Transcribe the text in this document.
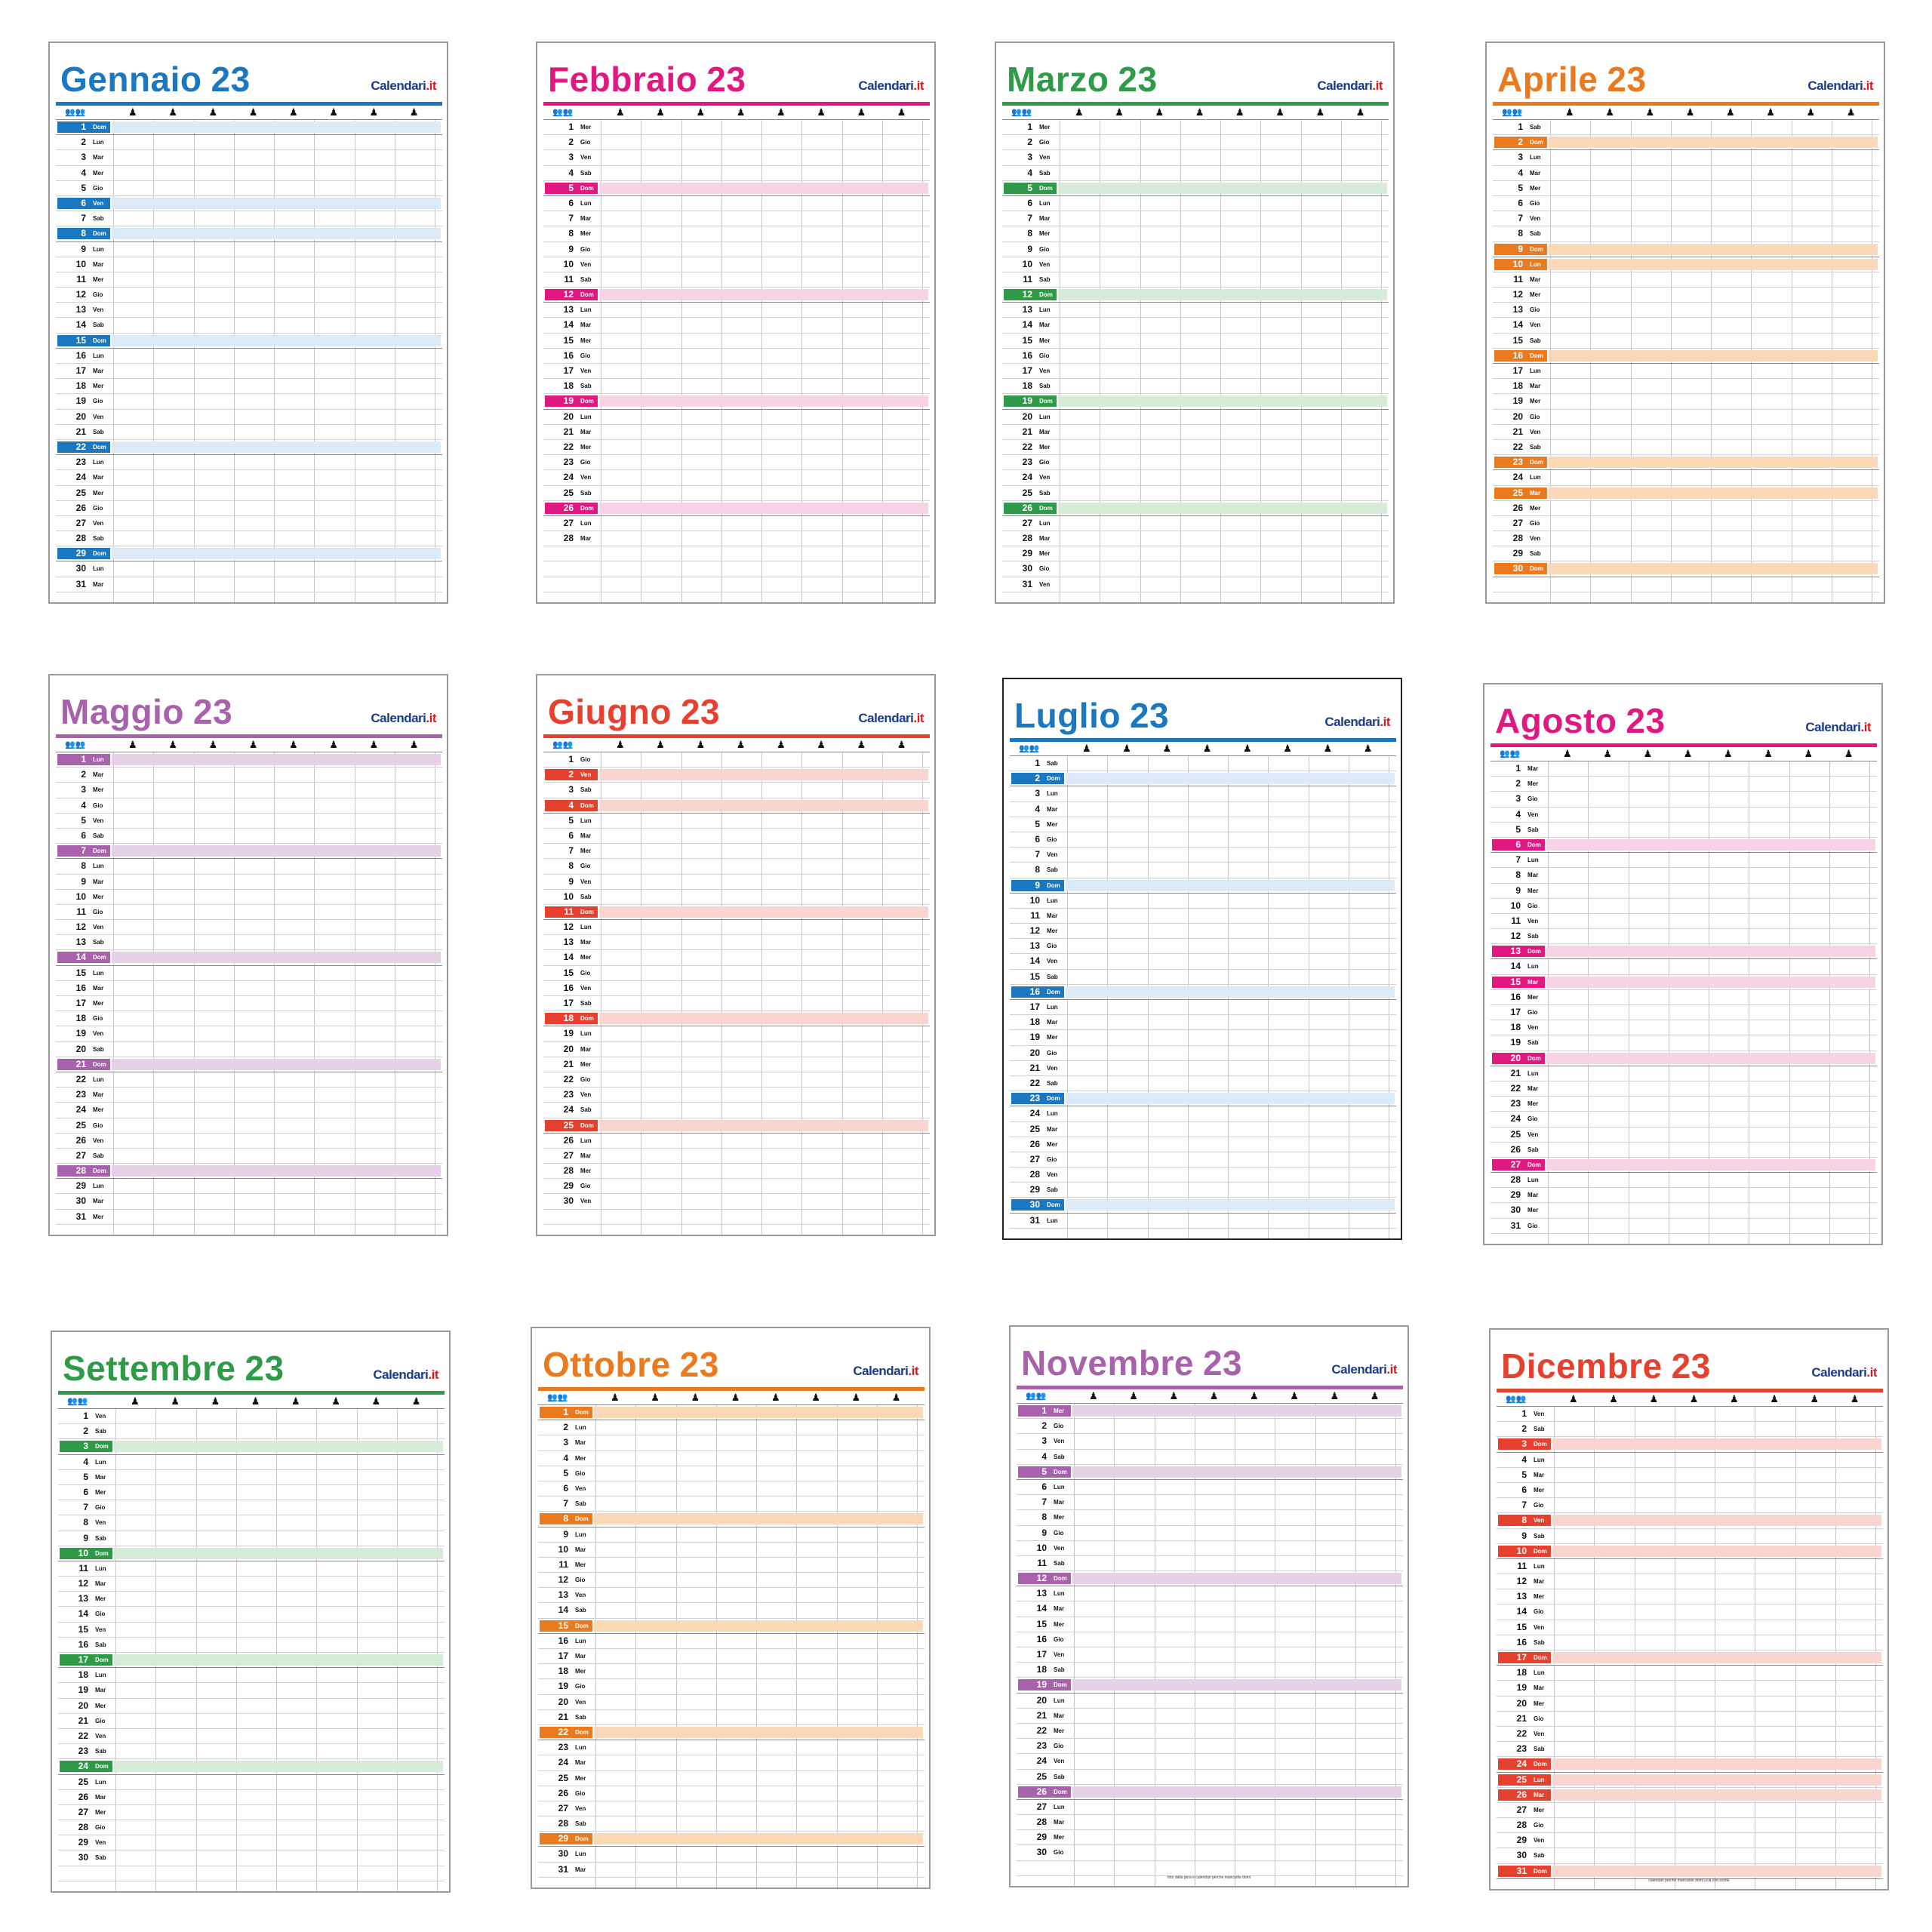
Gennaio 23	Calendari.it
👥👥	♟	♟	♟	♟	♟	♟	♟	♟
1 Dom
2 Lun
3 Mar
4 Mer
5 Gio
6 Ven
7 Sab
8 Dom
9 Lun
10 Mar
11 Mer
12 Gio
13 Ven
14 Sab
15 Dom
16 Lun
17 Mar
18 Mer
19 Gio
20 Ven
21 Sab
22 Dom
23 Lun
24 Mar
25 Mer
26 Gio
27 Ven
28 Sab
29 Dom
30 Lun
31 Mar
Febbraio 23	Calendari.it
👥👥	♟	♟	♟	♟	♟	♟	♟	♟
1 Mer
2 Gio
3 Ven
4 Sab
5 Dom
6 Lun
7 Mar
8 Mer
9 Gio
10 Ven
11 Sab
12 Dom
13 Lun
14 Mar
15 Mer
16 Gio
17 Ven
18 Sab
19 Dom
20 Lun
21 Mar
22 Mer
23 Gio
24 Ven
25 Sab
26 Dom
27 Lun
28 Mar
Marzo 23	Calendari.it
👥👥	♟	♟	♟	♟	♟	♟	♟	♟
1 Mer
2 Gio
3 Ven
4 Sab
5 Dom
6 Lun
7 Mar
8 Mer
9 Gio
10 Ven
11 Sab
12 Dom
13 Lun
14 Mar
15 Mer
16 Gio
17 Ven
18 Sab
19 Dom
20 Lun
21 Mar
22 Mer
23 Gio
24 Ven
25 Sab
26 Dom
27 Lun
28 Mar
29 Mer
30 Gio
31 Ven
Aprile 23	Calendari.it
👥👥	♟	♟	♟	♟	♟	♟	♟	♟
1 Sab
2 Dom
3 Lun
4 Mar
5 Mer
6 Gio
7 Ven
8 Sab
9 Dom
10 Lun
11 Mar
12 Mer
13 Gio
14 Ven
15 Sab
16 Dom
17 Lun
18 Mar
19 Mer
20 Gio
21 Ven
22 Sab
23 Dom
24 Lun
25 Mar
26 Mer
27 Gio
28 Ven
29 Sab
30 Dom
Maggio 23	Calendari.it
👥👥	♟	♟	♟	♟	♟	♟	♟	♟
1 Lun
2 Mar
3 Mer
4 Gio
5 Ven
6 Sab
7 Dom
8 Lun
9 Mar
10 Mer
11 Gio
12 Ven
13 Sab
14 Dom
15 Lun
16 Mar
17 Mer
18 Gio
19 Ven
20 Sab
21 Dom
22 Lun
23 Mar
24 Mer
25 Gio
26 Ven
27 Sab
28 Dom
29 Lun
30 Mar
31 Mer
Giugno 23	Calendari.it
👥👥	♟	♟	♟	♟	♟	♟	♟	♟
1 Gio
2 Ven
3 Sab
4 Dom
5 Lun
6 Mar
7 Mer
8 Gio
9 Ven
10 Sab
11 Dom
12 Lun
13 Mar
14 Mer
15 Gio
16 Ven
17 Sab
18 Dom
19 Lun
20 Mar
21 Mer
22 Gio
23 Ven
24 Sab
25 Dom
26 Lun
27 Mar
28 Mer
29 Gio
30 Ven
Luglio 23	Calendari.it
👥👥	♟	♟	♟	♟	♟	♟	♟	♟
1 Sab
2 Dom
3 Lun
4 Mar
5 Mer
6 Gio
7 Ven
8 Sab
9 Dom
10 Lun
11 Mar
12 Mer
13 Gio
14 Ven
15 Sab
16 Dom
17 Lun
18 Mar
19 Mer
20 Gio
21 Ven
22 Sab
23 Dom
24 Lun
25 Mar
26 Mer
27 Gio
28 Ven
29 Sab
30 Dom
31 Lun
Agosto 23	Calendari.it
👥👥	♟	♟	♟	♟	♟	♟	♟	♟
1 Mar
2 Mer
3 Gio
4 Ven
5 Sab
6 Dom
7 Lun
8 Mar
9 Mer
10 Gio
11 Ven
12 Sab
13 Dom
14 Lun
15 Mar
16 Mer
17 Gio
18 Ven
19 Sab
20 Dom
21 Lun
22 Mar
23 Mer
24 Gio
25 Ven
26 Sab
27 Dom
28 Lun
29 Mar
30 Mer
31 Gio
Settembre 23	Calendari.it
👥👥	♟	♟	♟	♟	♟	♟	♟	♟
1 Ven
2 Sab
3 Dom
4 Lun
5 Mar
6 Mer
7 Gio
8 Ven
9 Sab
10 Dom
11 Lun
12 Mar
13 Mer
14 Gio
15 Ven
16 Sab
17 Dom
18 Lun
19 Mar
20 Mer
21 Gio
22 Ven
23 Sab
24 Dom
25 Lun
26 Mar
27 Mer
28 Gio
29 Ven
30 Sab
Ottobre 23	Calendari.it
👥👥	♟	♟	♟	♟	♟	♟	♟	♟
1 Dom
2 Lun
3 Mar
4 Mer
5 Gio
6 Ven
7 Sab
8 Dom
9 Lun
10 Mar
11 Mer
12 Gio
13 Ven
14 Sab
15 Dom
16 Lun
17 Mar
18 Mer
19 Gio
20 Ven
21 Sab
22 Dom
23 Lun
24 Mar
25 Mer
26 Gio
27 Ven
28 Sab
29 Dom
30 Lun
31 Mar
Novembre 23	Calendari.it
👥👥	♟	♟	♟	♟	♟	♟	♟	♟
1 Mer
2 Gio
3 Ven
4 Sab
5 Dom
6 Lun
7 Mar
8 Mer
9 Gio
10 Ven
11 Sab
12 Dom
13 Lun
14 Mar
15 Mer
16 Gio
17 Ven
18 Sab
19 Dom
20 Lun
21 Mar
22 Mer
23 Gio
24 Ven
25 Sab
26 Dom
27 Lun
28 Mar
29 Mer
30 Gio
foto dalla pera e calendari perche mancante domi
Dicembre 23	Calendari.it
👥👥	♟	♟	♟	♟	♟	♟	♟	♟
1 Ven
2 Sab
3 Dom
4 Lun
5 Mar
6 Mer
7 Gio
8 Ven
9 Sab
10 Dom
11 Lun
12 Mar
13 Mer
14 Gio
15 Ven
16 Sab
17 Dom
18 Lun
19 Mar
20 Mer
21 Gio
22 Ven
23 Sab
24 Dom
25 Lun
26 Mar
27 Mer
28 Gio
29 Ven
30 Sab
31 Dom
calendari perche mancante domi ucla crei scritte
